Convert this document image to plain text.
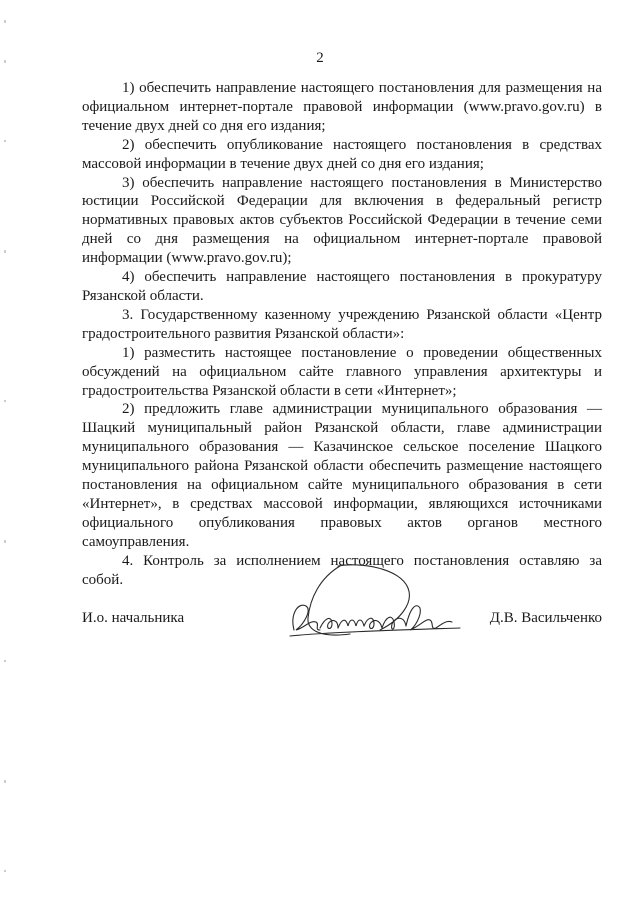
2

1) обеспечить направление настоящего постановления для размещения на официальном интернет-портале правовой информации (www.pravo.gov.ru) в течение двух дней со дня его издания;

2) обеспечить опубликование настоящего постановления в средствах массовой информации в течение двух дней со дня его издания;

3) обеспечить направление настоящего постановления в Министерство юстиции Российской Федерации для включения в федеральный регистр нормативных правовых актов субъектов Российской Федерации в течение семи дней со дня размещения на официальном интернет-портале правовой информации (www.pravo.gov.ru);

4) обеспечить направление настоящего постановления в прокуратуру Рязанской области.

3. Государственному казенному учреждению Рязанской области «Центр градостроительного развития Рязанской области»:

1) разместить настоящее постановление о проведении общественных обсуждений на официальном сайте главного управления архитектуры и градостроительства Рязанской области в сети «Интернет»;

2) предложить главе администрации муниципального образования — Шацкий муниципальный район Рязанской области, главе администрации муниципального образования — Казачинское сельское поселение Шацкого муниципального района Рязанской области обеспечить размещение настоящего постановления на официальном сайте муниципального образования в сети «Интернет», в средствах массовой информации, являющихся источниками официального опубликования правовых актов органов местного самоуправления.

4. Контроль за исполнением настоящего постановления оставляю за собой.

И.о. начальника	Д.В. Васильченко
